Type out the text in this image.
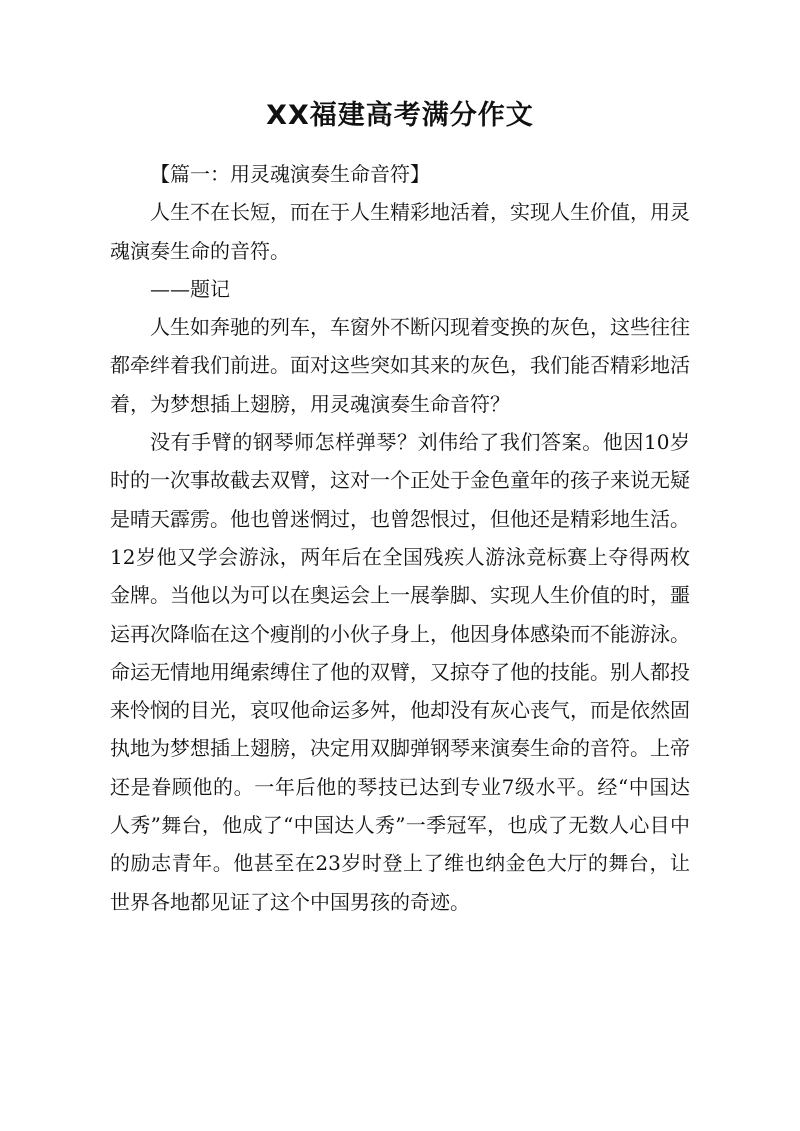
XX福建高考满分作文

【篇一：用灵魂演奏生命音符】

人生不在长短，而在于人生精彩地活着，实现人生价值，用灵魂演奏生命的音符。

——题记

人生如奔驰的列车，车窗外不断闪现着变换的灰色，这些往往都牵绊着我们前进。面对这些突如其来的灰色，我们能否精彩地活着，为梦想插上翅膀，用灵魂演奏生命音符？

没有手臂的钢琴师怎样弹琴？刘伟给了我们答案。他因10岁时的一次事故截去双臂，这对一个正处于金色童年的孩子来说无疑是晴天霹雳。他也曾迷惘过，也曾怨恨过，但他还是精彩地生活。12岁他又学会游泳，两年后在全国残疾人游泳竞标赛上夺得两枚金牌。当他以为可以在奥运会上一展拳脚、实现人生价值的时，噩运再次降临在这个瘦削的小伙子身上，他因身体感染而不能游泳。命运无情地用绳索缚住了他的双臂，又掠夺了他的技能。别人都投来怜悯的目光，哀叹他命运多舛，他却没有灰心丧气，而是依然固执地为梦想插上翅膀，决定用双脚弹钢琴来演奏生命的音符。上帝还是眷顾他的。一年后他的琴技已达到专业7级水平。经“中国达人秀”舞台，他成了“中国达人秀”一季冠军，也成了无数人心目中的励志青年。他甚至在23岁时登上了维也纳金色大厅的舞台，让世界各地都见证了这个中国男孩的奇迹。
